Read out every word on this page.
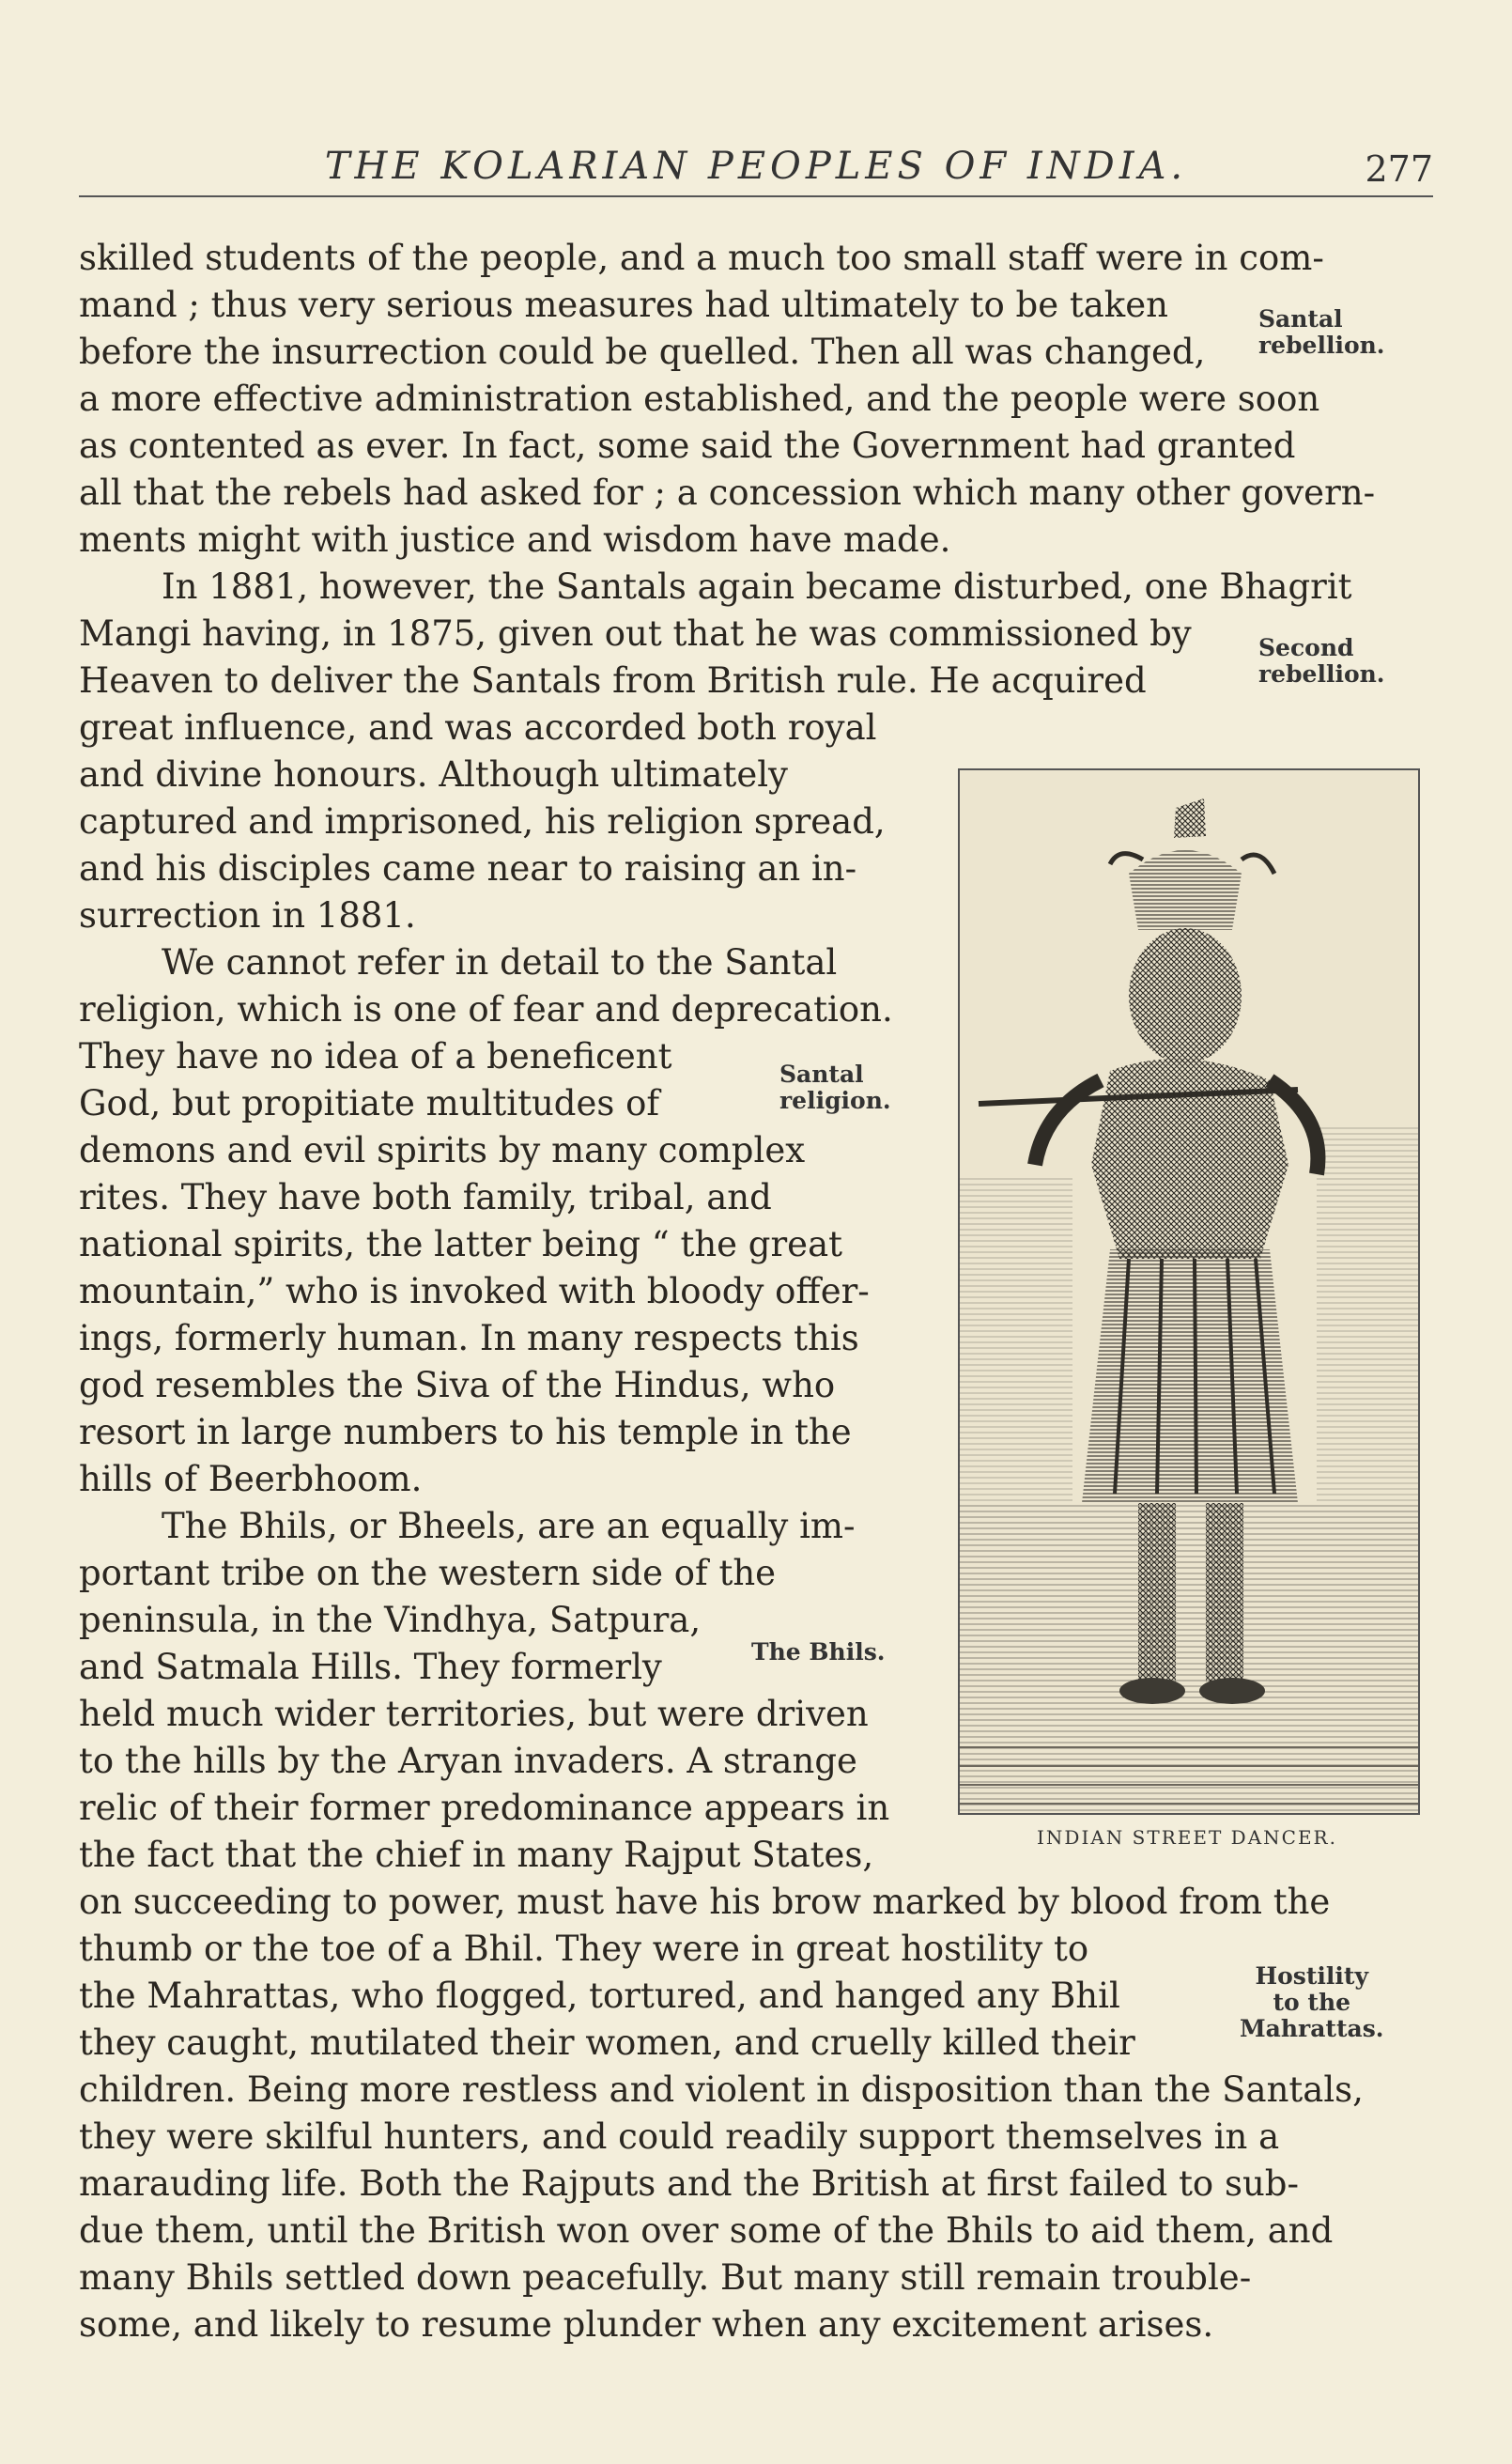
THE KOLARIAN PEOPLES OF INDIA.	277
skilled students of the people, and a much too small staff were in com-
mand ; thus very serious measures had ultimately to be taken
before the insurrection could be quelled. Then all was changed,
a more effective administration established, and the people were soon
as contented as ever. In fact, some said the Government had granted
all that the rebels had asked for ; a concession which many other govern-
ments might with justice and wisdom have made.
In 1881, however, the Santals again became disturbed, one Bhagrit
Mangi having, in 1875, given out that he was commissioned by
Heaven to deliver the Santals from British rule. He acquired
great influence, and was accorded both royal
and divine honours. Although ultimately
captured and imprisoned, his religion spread,
and his disciples came near to raising an in-
surrection in 1881.
We cannot refer in detail to the Santal
religion, which is one of fear and deprecation.
They have no idea of a beneficent
God, but propitiate multitudes of
demons and evil spirits by many complex
rites. They have both family, tribal, and
national spirits, the latter being “ the great
mountain,” who is invoked with bloody offer-
ings, formerly human. In many respects this
god resembles the Siva of the Hindus, who
resort in large numbers to his temple in the
hills of Beerbhoom.
The Bhils, or Bheels, are an equally im-
portant tribe on the western side of the
peninsula, in the Vindhya, Satpura,
and Satmala Hills. They formerly
held much wider territories, but were driven
to the hills by the Aryan invaders. A strange
relic of their former predominance appears in
the fact that the chief in many Rajput States,
on succeeding to power, must have his brow marked by blood from the
thumb or the toe of a Bhil. They were in great hostility to
the Mahrattas, who flogged, tortured, and hanged any Bhil
they caught, mutilated their women, and cruelly killed their
children. Being more restless and violent in disposition than the Santals,
they were skilful hunters, and could readily support themselves in a
marauding life. Both the Rajputs and the British at first failed to sub-
due them, until the British won over some of the Bhils to aid them, and
many Bhils settled down peacefully. But many still remain trouble-
some, and likely to resume plunder when any excitement arises.
Santal
rebellion.
Second
rebellion.
Santal
religion.
The Bhils.
Hostility
to the
Mahrattas.
INDIAN STREET DANCER.
